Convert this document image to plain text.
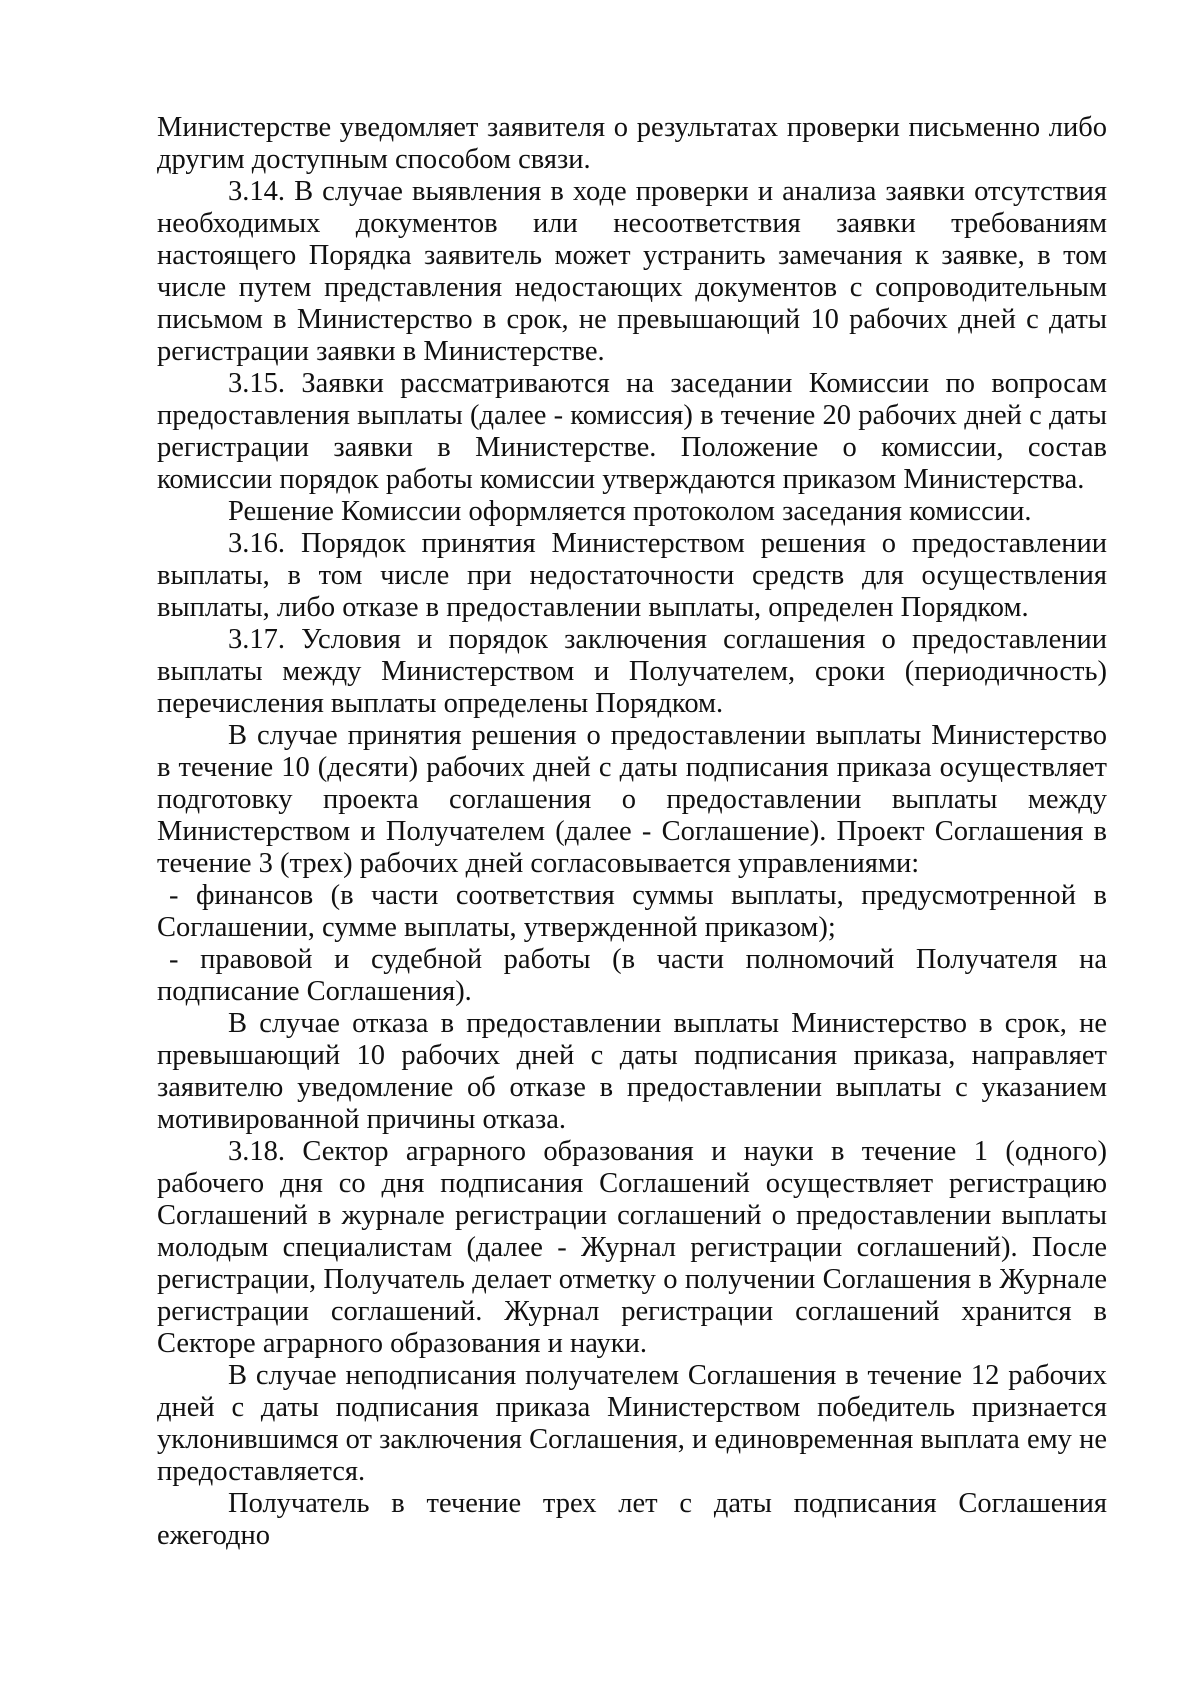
Министерстве уведомляет заявителя о результатах проверки письменно либо другим доступным способом связи.

3.14. В случае выявления в ходе проверки и анализа заявки отсутствия необходимых документов или несоответствия заявки требованиям настоящего Порядка заявитель может устранить замечания к заявке, в том числе путем представления недостающих документов с сопроводительным письмом в Министерство в срок, не превышающий 10 рабочих дней с даты регистрации заявки в Министерстве.

3.15. Заявки рассматриваются на заседании Комиссии по вопросам предоставления выплаты (далее - комиссия) в течение 20 рабочих дней с даты регистрации заявки в Министерстве. Положение о комиссии, состав комиссии порядок работы комиссии утверждаются приказом Министерства.

Решение Комиссии оформляется протоколом заседания комиссии.

3.16. Порядок принятия Министерством решения о предоставлении выплаты, в том числе при недостаточности средств для осуществления выплаты, либо отказе в предоставлении выплаты, определен Порядком.

3.17. Условия и порядок заключения соглашения о предоставлении выплаты между Министерством и Получателем, сроки (периодичность) перечисления выплаты определены Порядком.

В случае принятия решения о предоставлении выплаты Министерство в течение 10 (десяти) рабочих дней с даты подписания приказа осуществляет подготовку проекта соглашения о предоставлении выплаты между Министерством и Получателем (далее - Соглашение). Проект Соглашения в течение 3 (трех) рабочих дней согласовывается управлениями:

- финансов (в части соответствия суммы выплаты, предусмотренной в Соглашении, сумме выплаты, утвержденной приказом);

- правовой и судебной работы (в части полномочий Получателя на подписание Соглашения).

В случае отказа в предоставлении выплаты Министерство в срок, не превышающий 10 рабочих дней с даты подписания приказа, направляет заявителю уведомление об отказе в предоставлении выплаты с указанием мотивированной причины отказа.

3.18. Сектор аграрного образования и науки в течение 1 (одного) рабочего дня со дня подписания Соглашений осуществляет регистрацию Соглашений в журнале регистрации соглашений о предоставлении выплаты молодым специалистам (далее - Журнал регистрации соглашений). После регистрации, Получатель делает отметку о получении Соглашения в Журнале регистрации соглашений. Журнал регистрации соглашений хранится в Секторе аграрного образования и науки.

В случае неподписания получателем Соглашения в течение 12 рабочих дней с даты подписания приказа Министерством победитель признается уклонившимся от заключения Соглашения, и единовременная выплата ему не предоставляется.

Получатель в течение трех лет с даты подписания Соглашения ежегодно
